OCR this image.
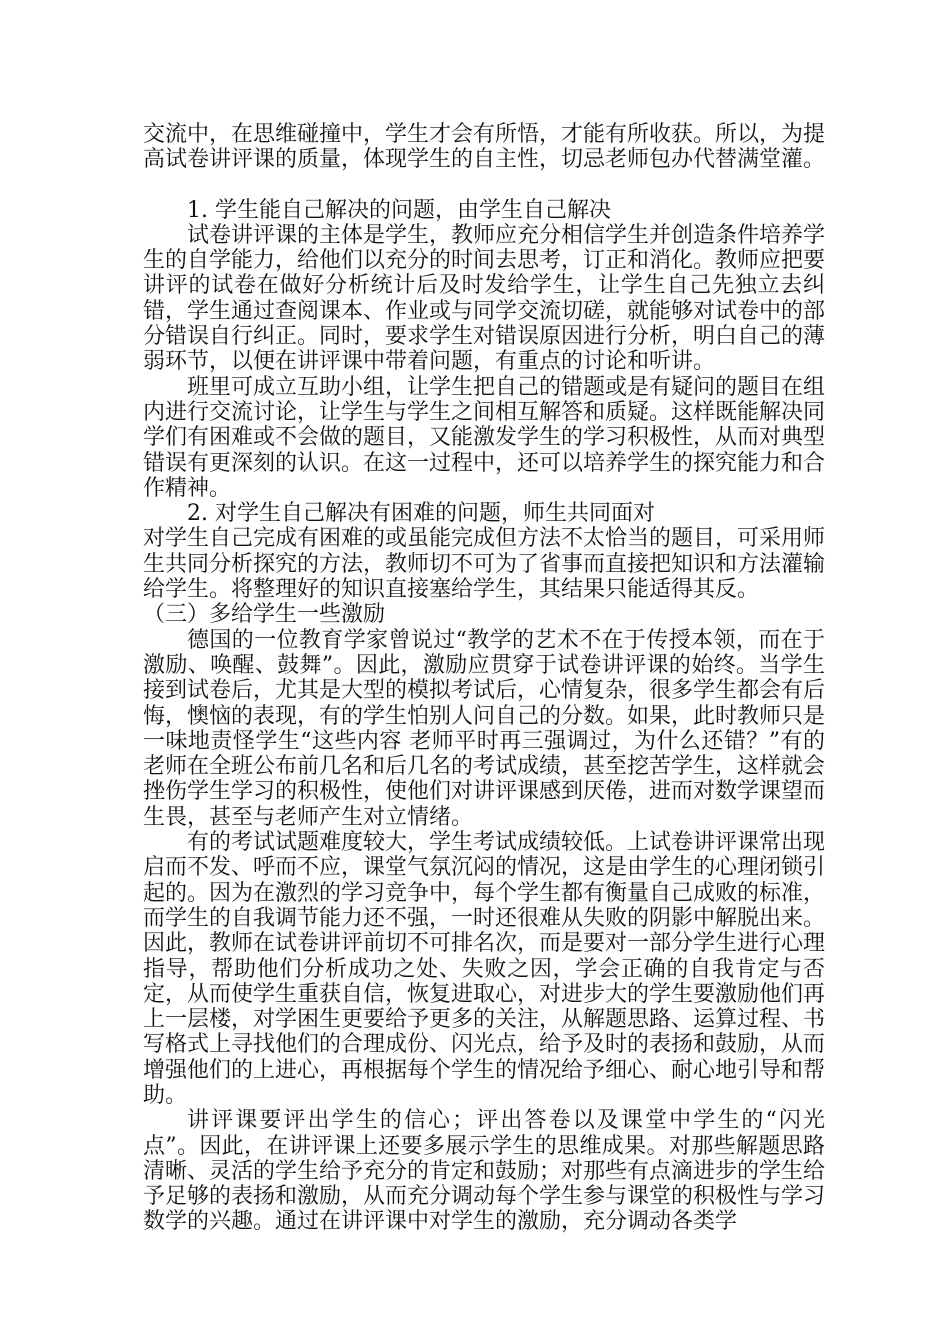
交流中，在思维碰撞中，学生才会有所悟，才能有所收获。所以，为提高试卷讲评课的质量，体现学生的自主性，切忌老师包办代替满堂灌。

1. 学生能自己解决的问题，由学生自己解决

试卷讲评课的主体是学生，教师应充分相信学生并创造条件培养学生的自学能力，给他们以充分的时间去思考，订正和消化。教师应把要讲评的试卷在做好分析统计后及时发给学生，让学生自己先独立去纠错，学生通过查阅课本、作业或与同学交流切磋，就能够对试卷中的部分错误自行纠正。同时，要求学生对错误原因进行分析，明白自己的薄弱环节，以便在讲评课中带着问题，有重点的讨论和听讲。

班里可成立互助小组，让学生把自己的错题或是有疑问的题目在组内进行交流讨论，让学生与学生之间相互解答和质疑。这样既能解决同学们有困难或不会做的题目，又能激发学生的学习积极性，从而对典型错误有更深刻的认识。在这一过程中，还可以培养学生的探究能力和合作精神。

2. 对学生自己解决有困难的问题，师生共同面对

对学生自己完成有困难的或虽能完成但方法不太恰当的题目，可采用师生共同分析探究的方法，教师切不可为了省事而直接把知识和方法灌输给学生。将整理好的知识直接塞给学生，其结果只能适得其反。

（三）多给学生一些激励

德国的一位教育学家曾说过“教学的艺术不在于传授本领，而在于激励、唤醒、鼓舞”。因此，激励应贯穿于试卷讲评课的始终。当学生接到试卷后，尤其是大型的模拟考试后，心情复杂，很多学生都会有后悔，懊恼的表现，有的学生怕别人问自己的分数。如果，此时教师只是一味地责怪学生“这些内容 老师平时再三强调过，为什么还错？”有的老师在全班公布前几名和后几名的考试成绩，甚至挖苦学生，这样就会挫伤学生学习的积极性，使他们对讲评课感到厌倦，进而对数学课望而生畏，甚至与老师产生对立情绪。

有的考试试题难度较大，学生考试成绩较低。上试卷讲评课常出现启而不发、呼而不应，课堂气氛沉闷的情况，这是由学生的心理闭锁引起的。因为在激烈的学习竞争中，每个学生都有衡量自己成败的标准，而学生的自我调节能力还不强，一时还很难从失败的阴影中解脱出来。因此，教师在试卷讲评前切不可排名次，而是要对一部分学生进行心理指导，帮助他们分析成功之处、失败之因，学会正确的自我肯定与否定，从而使学生重获自信，恢复进取心，对进步大的学生要激励他们再上一层楼，对学困生更要给予更多的关注，从解题思路、运算过程、书写格式上寻找他们的合理成份、闪光点，给予及时的表扬和鼓励，从而增强他们的上进心，再根据每个学生的情况给予细心、耐心地引导和帮助。

讲评课要评出学生的信心；评出答卷以及课堂中学生的“闪光点”。因此，在讲评课上还要多展示学生的思维成果。对那些解题思路清晰、灵活的学生给予充分的肯定和鼓励；对那些有点滴进步的学生给予足够的表扬和激励，从而充分调动每个学生参与课堂的积极性与学习数学的兴趣。通过在讲评课中对学生的激励，充分调动各类学
